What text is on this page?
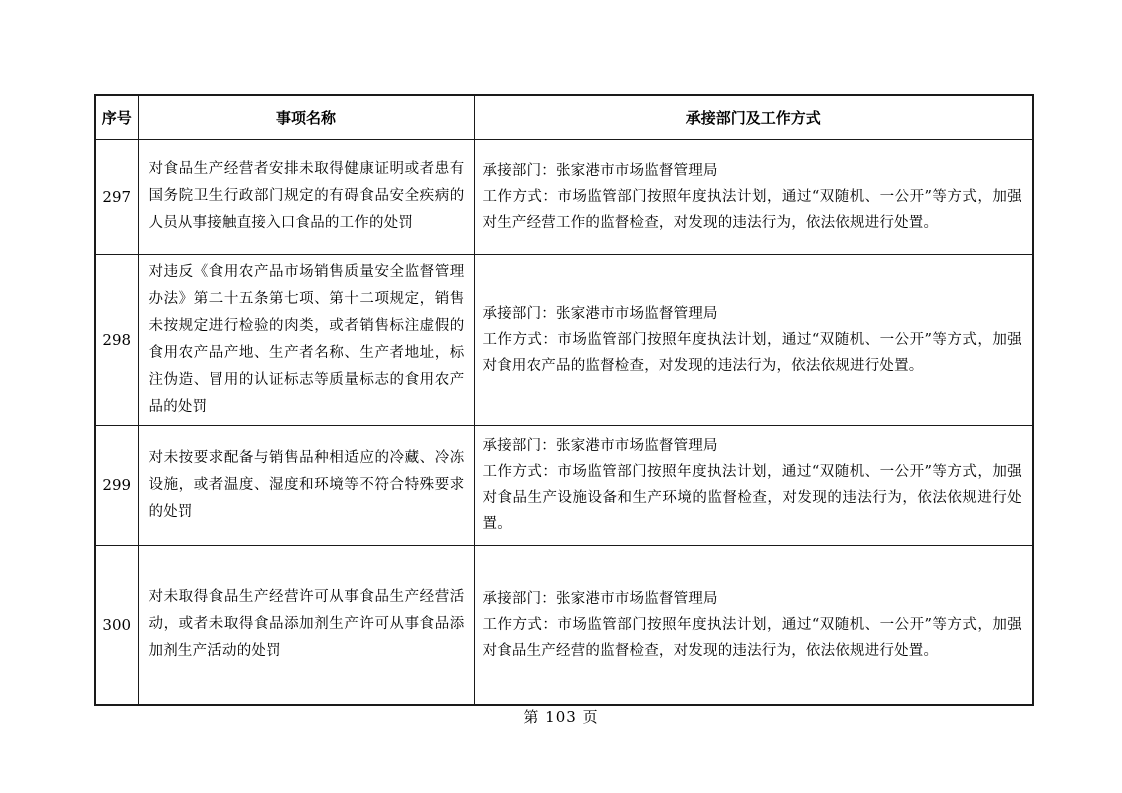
序号	事项名称	承接部门及工作方式
297	对食品生产经营者安排未取得健康证明或者患有国务院卫生行政部门规定的有碍食品安全疾病的人员从事接触直接入口食品的工作的处罚	承接部门：张家港市市场监督管理局
工作方式：市场监管部门按照年度执法计划，通过“双随机、一公开”等方式，加强对生产经营工作的监督检查，对发现的违法行为，依法依规进行处置。

298	对违反《食用农产品市场销售质量安全监督管理办法》第二十五条第七项、第十二项规定，销售未按规定进行检验的肉类，或者销售标注虚假的食用农产品产地、生产者名称、生产者地址，标注伪造、冒用的认证标志等质量标志的食用农产品的处罚	承接部门：张家港市市场监督管理局
工作方式：市场监管部门按照年度执法计划，通过“双随机、一公开”等方式，加强对食用农产品的监督检查，对发现的违法行为，依法依规进行处置。

299	对未按要求配备与销售品种相适应的冷藏、冷冻设施，或者温度、湿度和环境等不符合特殊要求的处罚	承接部门：张家港市市场监督管理局
工作方式：市场监管部门按照年度执法计划，通过“双随机、一公开”等方式，加强对食品生产设施设备和生产环境的监督检查，对发现的违法行为，依法依规进行处置。

300	对未取得食品生产经营许可从事食品生产经营活动，或者未取得食品添加剂生产许可从事食品添加剂生产活动的处罚	承接部门：张家港市市场监督管理局
工作方式：市场监管部门按照年度执法计划，通过“双随机、一公开”等方式，加强对食品生产经营的监督检查，对发现的违法行为，依法依规进行处置。
第 103 页
